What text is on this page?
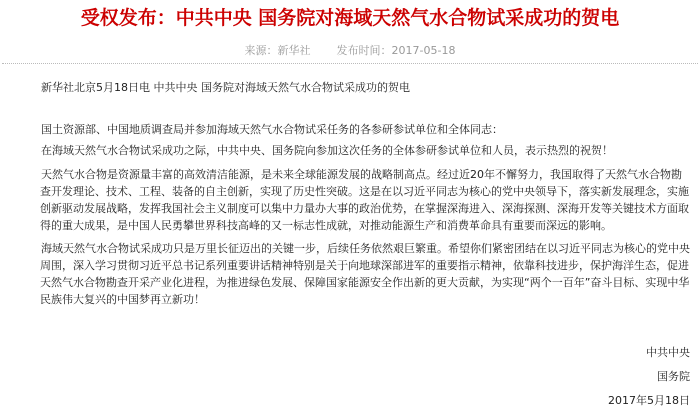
受权发布：中共中央 国务院对海域天然气水合物试采成功的贺电
来源：新华社 发布时间：2017-05-18

新华社北京5月18日电 中共中央 国务院对海域天然气水合物试采成功的贺电

国土资源部、中国地质调查局并参加海域天然气水合物试采任务的各参研参试单位和全体同志：

在海域天然气水合物试采成功之际，中共中央、国务院向参加这次任务的全体参研参试单位和人员，表示热烈的祝贺！

天然气水合物是资源量丰富的高效清洁能源，是未来全球能源发展的战略制高点。经过近20年不懈努力，我国取得了天然气水合物勘查开发理论、技术、工程、装备的自主创新，实现了历史性突破。这是在以习近平同志为核心的党中央领导下，落实新发展理念，实施创新驱动发展战略，发挥我国社会主义制度可以集中力量办大事的政治优势，在掌握深海进入、深海探测、深海开发等关键技术方面取得的重大成果，是中国人民勇攀世界科技高峰的又一标志性成就，对推动能源生产和消费革命具有重要而深远的影响。

海域天然气水合物试采成功只是万里长征迈出的关键一步，后续任务依然艰巨繁重。希望你们紧密团结在以习近平同志为核心的党中央周围，深入学习贯彻习近平总书记系列重要讲话精神特别是关于向地球深部进军的重要指示精神，依靠科技进步，保护海洋生态，促进天然气水合物勘查开采产业化进程，为推进绿色发展、保障国家能源安全作出新的更大贡献，为实现“两个一百年”奋斗目标、实现中华民族伟大复兴的中国梦再立新功！

中共中央
国务院
2017年5月18日
